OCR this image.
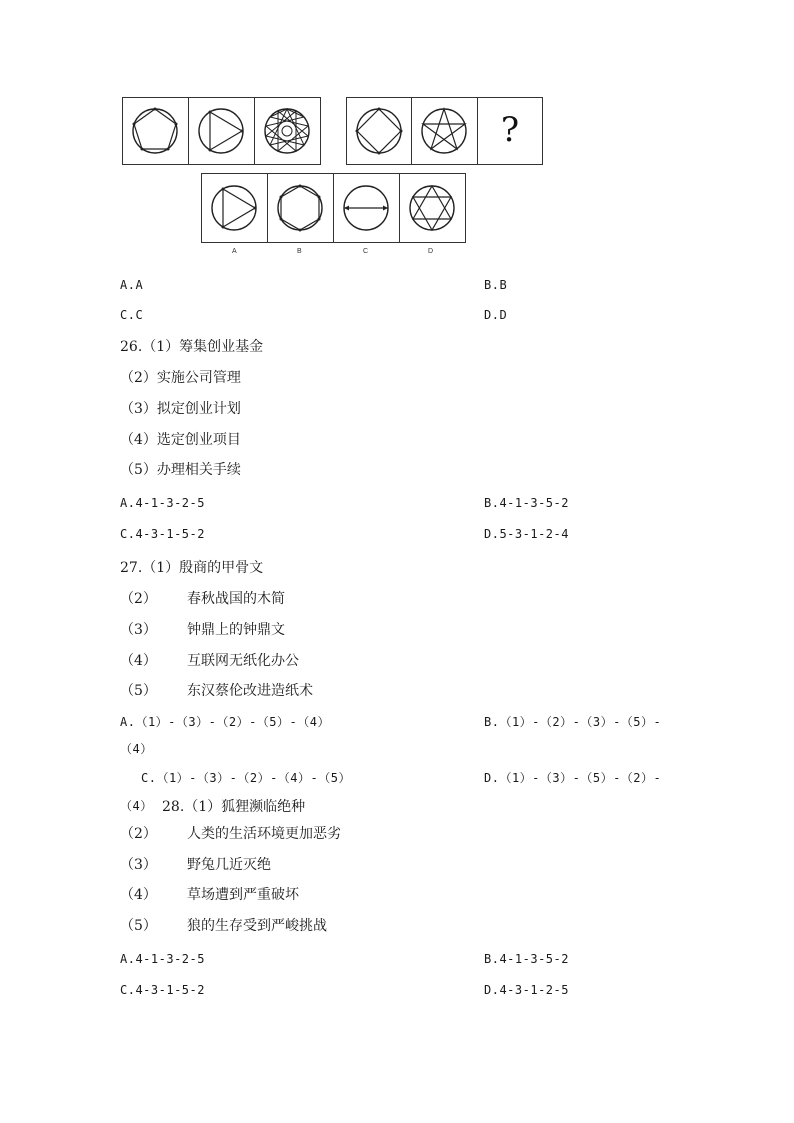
?
A	B	C	D
A.A	B.B
C.C	D.D
26.（1）筹集创业基金
（2）实施公司管理
（3）拟定创业计划
（4）选定创业项目
（5）办理相关手续
A.4-1-3-2-5	B.4-1-3-5-2
C.4-3-1-5-2	D.5-3-1-2-4
27.（1）殷商的甲骨文
（2） 春秋战国的木简
（3） 钟鼎上的钟鼎文
（4） 互联网无纸化办公
（5） 东汉蔡伦改进造纸术
A.（1）-（3）-（2）-（5）-（4）	B.（1）-（2）-（3）-（5）-
（4）
C.（1）-（3）-（2）-（4）-（5）	D.（1）-（3）-（5）-（2）-
（4） 28.（1）狐狸濒临绝种
（2） 人类的生活环境更加恶劣
（3） 野兔几近灭绝
（4） 草场遭到严重破坏
（5） 狼的生存受到严峻挑战
A.4-1-3-2-5	B.4-1-3-5-2
C.4-3-1-5-2	D.4-3-1-2-5
